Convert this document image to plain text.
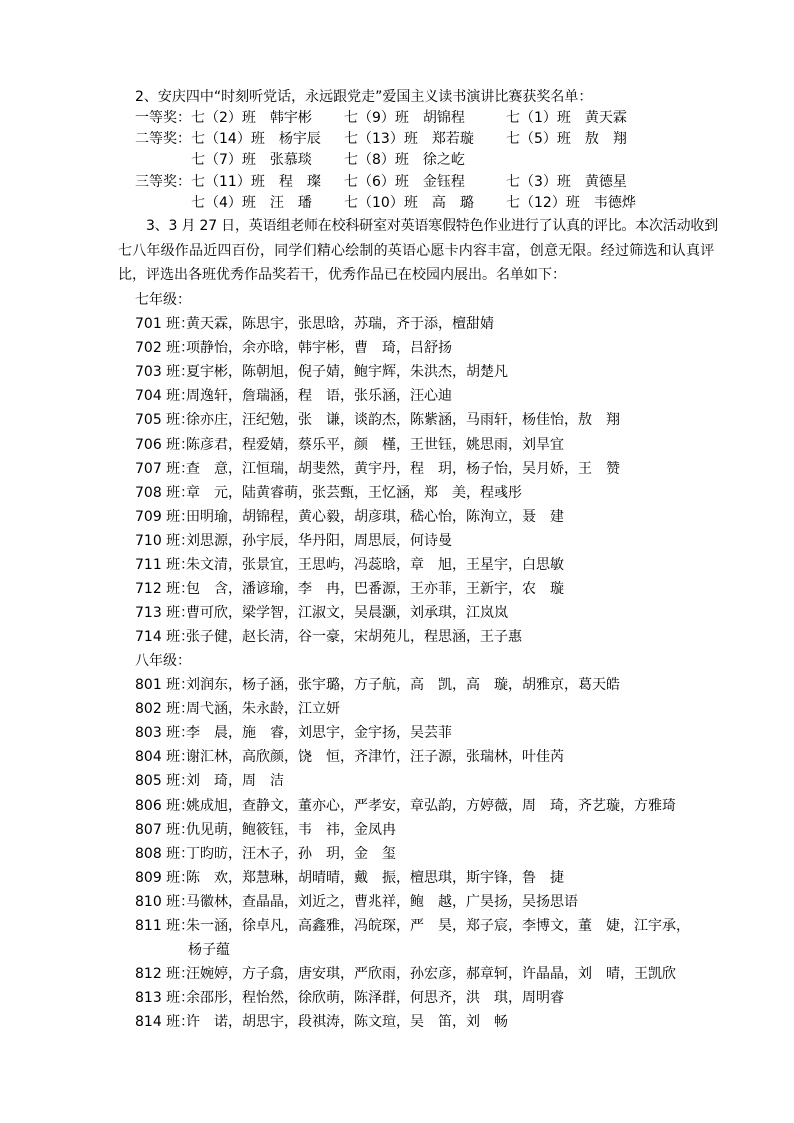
2、安庆四中“时刻听党话，永远跟党走”爱国主义读书演讲比赛获奖名单：
一等奖： 七（2）班　韩宇彬 七（9）班　胡锦程	七（1）班　黄天霖
二等奖： 七（14）班　杨宇辰 七（13）班　郑若璇 七（5）班　敖　翔
七（7）班　张慕琰 七（8）班　徐之屹
三等奖： 七（11）班　程　璨 七（6）班　金钰程	七（3）班　黄德星
七（4）班　汪　璠 七（10）班　高　璐 七（12）班　韦德烨
3、3 月 27 日，英语组老师在校科研室对英语寒假特色作业进行了认真的评比。本次活动收到
七八年级作品近四百份，同学们精心绘制的英语心愿卡内容丰富，创意无限。经过筛选和认真评
比，评选出各班优秀作品奖若干，优秀作品已在校园内展出。名单如下：
七年级：
701 班：
黄天霖，陈思宇，张思晗，苏瑞，齐于添，檀甜婧
702 班：
项静怡，余亦晗，韩宇彬，曹　琦，吕舒扬
703 班：
夏宇彬，陈朝旭，倪子婧，鲍宇辉，朱洪杰，胡楚凡
704 班：
周逸轩，詹瑞涵，程　语，张乐涵，汪心迪
705 班：
徐亦庄，汪纪勉，张　谦，谈韵杰，陈紫涵，马雨轩，杨佳怡，敖　翔
706 班：
陈彦君，程爱婧，蔡乐平，颜　槿，王世钰，姚思雨，刘旱宜
707 班：
查　意，江恒瑞，胡斐然，黄宇丹，程　玥，杨子怡，吴月娇，王　赞
708 班：
章　元，陆黄睿萌，张芸甄，王忆涵，郑　美，程彧彤
709 班：
田明瑜，胡锦程，黄心毅，胡彦琪，嵇心怡，陈洵立，聂　建
710 班：
刘思源，孙宇辰，华丹阳，周思辰，何诗曼
711 班：
朱文清，张景宜，王思屿，冯蕊晗，章　旭，王星宇，白思敏
712 班：
包　含，潘谚瑜，李　冉，巴番源，王亦菲，王新宇，农　璇
713 班：
曹可欣，梁学智，江淑文，吴晨灏，刘承琪，江岚岚
714 班：
张子健，赵长淸，谷一豪，宋胡苑儿，程思涵，王子惠
八年级：
801 班：
刘润东，杨子涵，张宇璐，方子航，高　凯，高　璇，胡雅京，葛天皓
802 班：
周弋涵，朱永龄，江立妍
803 班：
李　晨，施　睿，刘思宇，金宇扬，吴芸菲
804 班：
谢汇林，高欣颜，饶　恒，齐津竹，汪子源，张瑞林，叶佳芮
805 班：
刘　琦，周　洁
806 班：
姚成旭，查静文，董亦心，严孝安，章弘韵，方婷薇，周　琦，齐艺璇，方雅琦
807 班：
仇见萌，鲍筱钰，韦　祎，金凤冉
808 班：
丁昀昉，汪木子，孙　玥，金　玺
809 班：
陈　欢，郑慧琳，胡晴晴，戴　振，檀思琪，斯宇锋，鲁　捷
810 班：
马徽林，查晶晶，刘近之，曹兆祥，鲍　越，广昊扬，吴扬思语
811 班：
朱一涵，徐卓凡，高鑫雅，冯皖琛，严　昊，郑子宸，李博文，董　婕，江宇承，
杨子蕴
812 班：
汪婉婷，方子翕，唐安琪，严欣雨，孙宏彦，郝章轲，许晶晶，刘　晴，王凯欣
813 班：
余邵彤，程怡然，徐欣萌，陈泽群，何思齐，洪　琪，周明睿
814 班：
许　诺，胡思宇，段祺涛，陈文瑄，吴　笛，刘　畅
